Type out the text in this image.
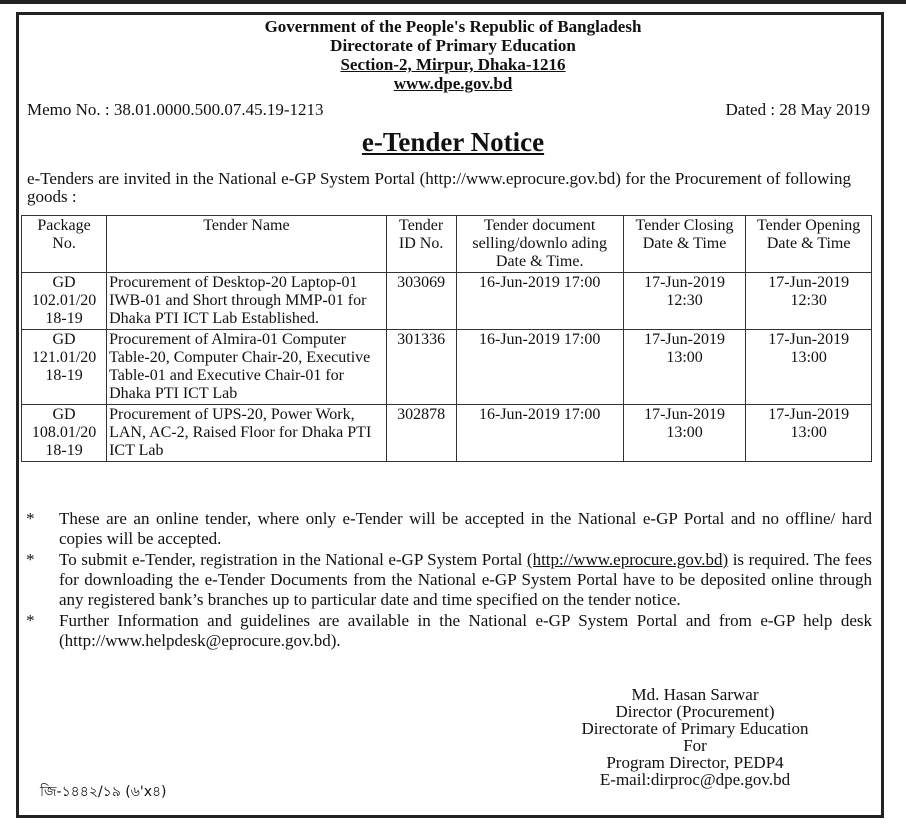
Government of the People's Republic of Bangladesh
Directorate of Primary Education
Section-2, Mirpur, Dhaka-1216
www.dpe.gov.bd
Memo No. : 38.01.0000.500.07.45.19-1213	Dated : 28 May 2019
e-Tender Notice
e-Tenders are invited in the National e-GP System Portal (http://www.eprocure.gov.bd) for the Procurement of following goods :
Package No.	Tender Name	Tender ID No.	Tender document selling/downlo ading Date & Time.	Tender Closing Date & Time	Tender Opening Date & Time
GD 102.01/20 18-19	Procurement of Desktop-20 Laptop-01 IWB-01 and Short through MMP-01 for Dhaka PTI ICT Lab Established.	303069	16-Jun-2019 17:00	17-Jun-2019 12:30	17-Jun-2019 12:30
GD 121.01/20 18-19	Procurement of Almira-01 Computer Table-20, Computer Chair-20, Executive Table-01 and Executive Chair-01 for Dhaka PTI ICT Lab	301336	16-Jun-2019 17:00	17-Jun-2019 13:00	17-Jun-2019 13:00
GD 108.01/20 18-19	Procurement of UPS-20, Power Work, LAN, AC-2, Raised Floor for Dhaka PTI ICT Lab	302878	16-Jun-2019 17:00	17-Jun-2019 13:00	17-Jun-2019 13:00
*	These are an online tender, where only e-Tender will be accepted in the National e-GP Portal and no offline/ hard copies will be accepted.
*	To submit e-Tender, registration in the National e-GP System Portal (http://www.eprocure.gov.bd) is required. The fees for downloading the e-Tender Documents from the National e-GP System Portal have to be deposited online through any registered bank’s branches up to particular date and time specified on the tender notice.
*	Further Information and guidelines are available in the National e-GP System Portal and from e-GP help desk (http://www.helpdesk@eprocure.gov.bd).
Md. Hasan Sarwar
Director (Procurement)
Directorate of Primary Education
For
Program Director, PEDP4
E-mail:dirproc@dpe.gov.bd
জি-১৪৪২/১৯ (৬'x৪)
